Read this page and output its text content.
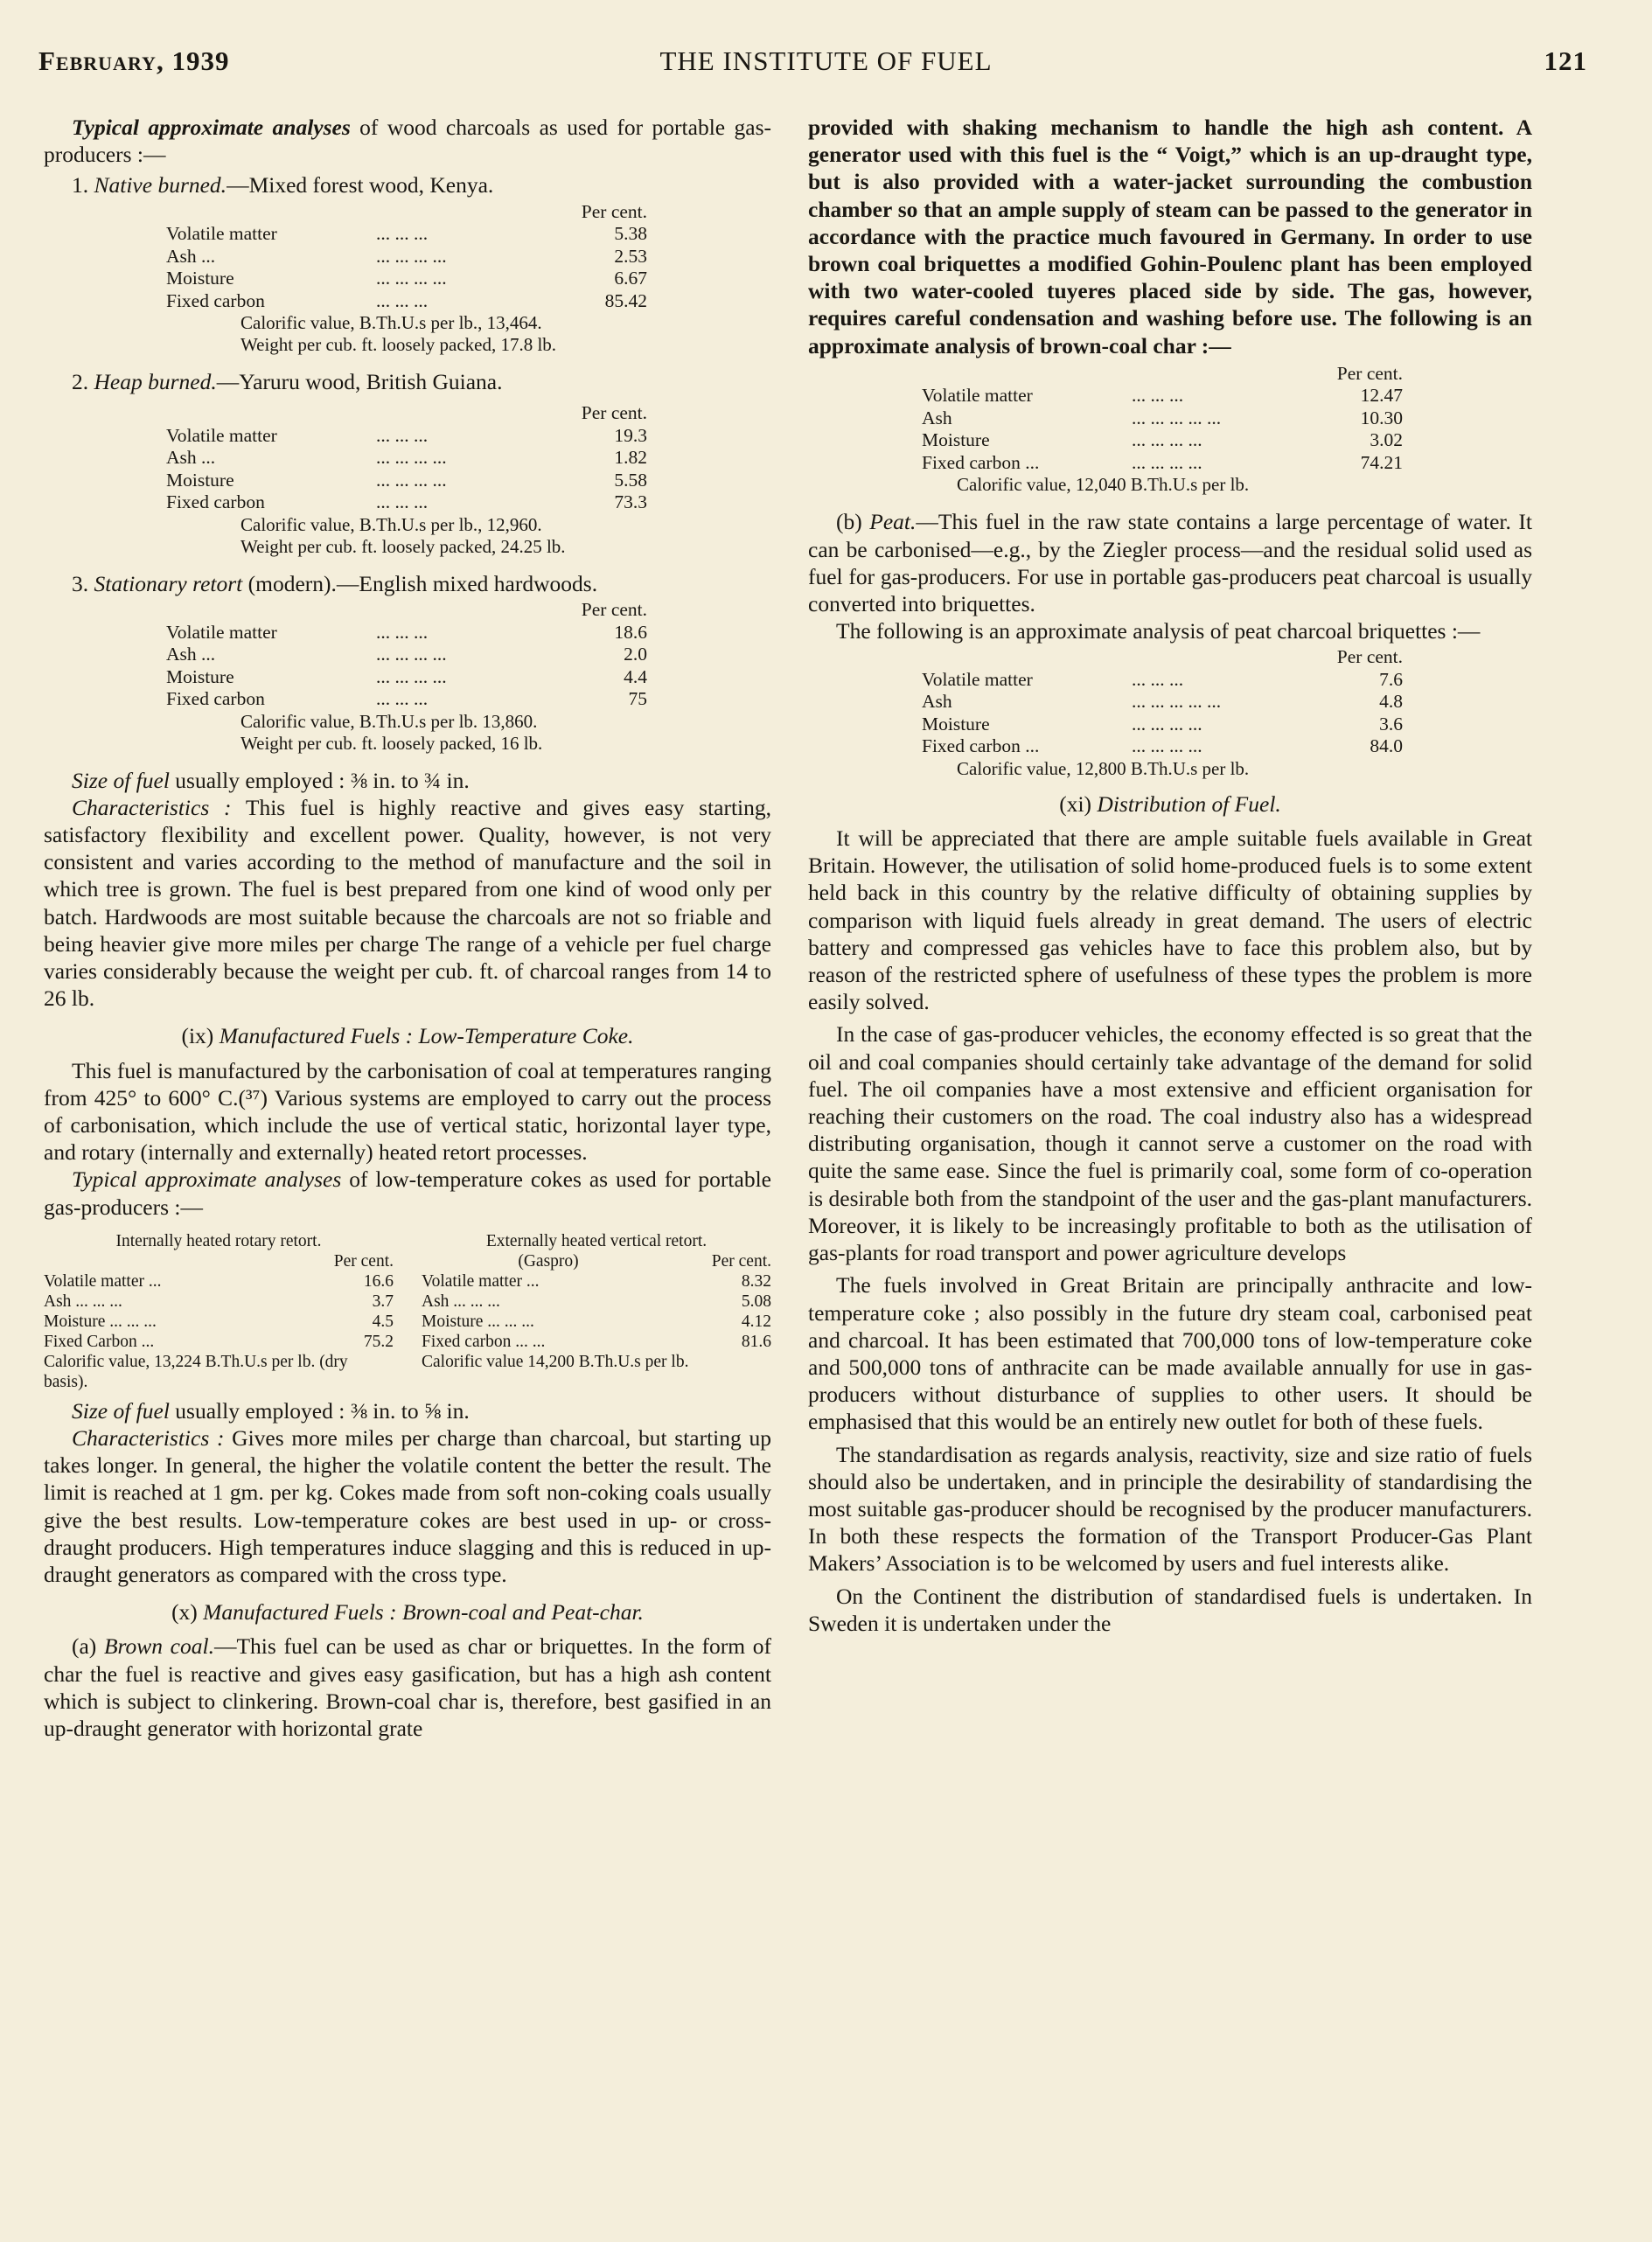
February, 1939	THE INSTITUTE OF FUEL	121

Typical approximate analyses of wood charcoals as used for portable gas-producers :—

1. Native burned.—Mixed forest wood, Kenya.

		Per cent.
Volatile matter	... ... ...	5.38
Ash ...	... ... ... ...	2.53
Moisture	... ... ... ...	6.67
Fixed carbon	... ... ...	85.42
Calorific value, B.Th.U.s per lb., 13,464.
Weight per cub. ft. loosely packed, 17.8 lb.

2. Heap burned.—Yaruru wood, British Guiana.

		Per cent.
Volatile matter	... ... ...	19.3
Ash ...	... ... ... ...	1.82
Moisture	... ... ... ...	5.58
Fixed carbon	... ... ...	73.3
Calorific value, B.Th.U.s per lb., 12,960.
Weight per cub. ft. loosely packed, 24.25 lb.

3. Stationary retort (modern).—English mixed hardwoods.

		Per cent.
Volatile matter	... ... ...	18.6
Ash ...	... ... ... ...	2.0
Moisture	... ... ... ...	4.4
Fixed carbon	... ... ...	75
Calorific value, B.Th.U.s per lb. 13,860.
Weight per cub. ft. loosely packed, 16 lb.

Size of fuel usually employed : ⅜ in. to ¾ in.

Characteristics : This fuel is highly reactive and gives easy starting, satisfactory flexibility and excellent power. Quality, however, is not very consistent and varies according to the method of manufacture and the soil in which tree is grown. The fuel is best prepared from one kind of wood only per batch. Hardwoods are most suitable because the charcoals are not so friable and being heavier give more miles per charge The range of a vehicle per fuel charge varies considerably because the weight per cub. ft. of charcoal ranges from 14 to 26 lb.

(ix) Manufactured Fuels : Low-Temperature Coke.

This fuel is manufactured by the carbonisation of coal at temperatures ranging from 425° to 600° C.(³⁷) Various systems are employed to carry out the process of carbonisation, which include the use of vertical static, horizontal layer type, and rotary (internally and externally) heated retort processes.

Typical approximate analyses of low-temperature cokes as used for portable gas-producers :—

Internally heated rotary retort.
	Per cent.
Volatile matter ...	16.6
Ash ... ... ...	3.7
Moisture ... ... ...	4.5
Fixed Carbon ...	75.2
Calorific value, 13,224 B.Th.U.s per lb. (dry basis).
Externally heated vertical retort.
(Gaspro)	Per cent.
Volatile matter ...	8.32
Ash ... ... ...	5.08
Moisture ... ... ...	4.12
Fixed carbon ... ...	81.6
Calorific value 14,200 B.Th.U.s per lb.

Size of fuel usually employed : ⅜ in. to ⅝ in.

Characteristics : Gives more miles per charge than charcoal, but starting up takes longer. In general, the higher the volatile content the better the result. The limit is reached at 1 gm. per kg. Cokes made from soft non-coking coals usually give the best results. Low-temperature cokes are best used in up- or cross-draught producers. High temperatures induce slagging and this is reduced in up-draught generators as compared with the cross type.

(x) Manufactured Fuels : Brown-coal and Peat-char.

(a) Brown coal.—This fuel can be used as char or briquettes. In the form of char the fuel is reactive and gives easy gasification, but has a high ash content which is subject to clinkering. Brown-coal char is, therefore, best gasified in an up-draught generator with horizontal grate

provided with shaking mechanism to handle the high ash content. A generator used with this fuel is the “ Voigt,” which is an up-draught type, but is also provided with a water-jacket surrounding the combustion chamber so that an ample supply of steam can be passed to the generator in accordance with the practice much favoured in Germany. In order to use brown coal briquettes a modified Gohin-Poulenc plant has been employed with two water-cooled tuyeres placed side by side. The gas, however, requires careful condensation and washing before use. The following is an approximate analysis of brown-coal char :—

		Per cent.
Volatile matter	... ... ...	12.47
Ash	... ... ... ... ...	10.30
Moisture	... ... ... ...	3.02
Fixed carbon ...	... ... ... ...	74.21
Calorific value, 12,040 B.Th.U.s per lb.

(b) Peat.—This fuel in the raw state contains a large percentage of water. It can be carbonised—e.g., by the Ziegler process—and the residual solid used as fuel for gas-producers. For use in portable gas-producers peat charcoal is usually converted into briquettes.

The following is an approximate analysis of peat charcoal briquettes :—

		Per cent.
Volatile matter	... ... ...	7.6
Ash	... ... ... ... ...	4.8
Moisture	... ... ... ...	3.6
Fixed carbon ...	... ... ... ...	84.0
Calorific value, 12,800 B.Th.U.s per lb.

(xi) Distribution of Fuel.

It will be appreciated that there are ample suitable fuels available in Great Britain. However, the utilisation of solid home-produced fuels is to some extent held back in this country by the relative difficulty of obtaining supplies by comparison with liquid fuels already in great demand. The users of electric battery and compressed gas vehicles have to face this problem also, but by reason of the restricted sphere of usefulness of these types the problem is more easily solved.

In the case of gas-producer vehicles, the economy effected is so great that the oil and coal companies should certainly take advantage of the demand for solid fuel. The oil companies have a most extensive and efficient organisation for reaching their customers on the road. The coal industry also has a widespread distributing organisation, though it cannot serve a customer on the road with quite the same ease. Since the fuel is primarily coal, some form of co-operation is desirable both from the standpoint of the user and the gas-plant manufacturers. Moreover, it is likely to be increasingly profitable to both as the utilisation of gas-plants for road transport and power agriculture develops

The fuels involved in Great Britain are principally anthracite and low-temperature coke ; also possibly in the future dry steam coal, carbonised peat and charcoal. It has been estimated that 700,000 tons of low-temperature coke and 500,000 tons of anthracite can be made available annually for use in gas-producers without disturbance of supplies to other users. It should be emphasised that this would be an entirely new outlet for both of these fuels.

The standardisation as regards analysis, reactivity, size and size ratio of fuels should also be undertaken, and in principle the desirability of standardising the most suitable gas-producer should be recognised by the producer manufacturers. In both these respects the formation of the Transport Producer-Gas Plant Makers’ Association is to be welcomed by users and fuel interests alike.

On the Continent the distribution of standardised fuels is undertaken. In Sweden it is undertaken under the
